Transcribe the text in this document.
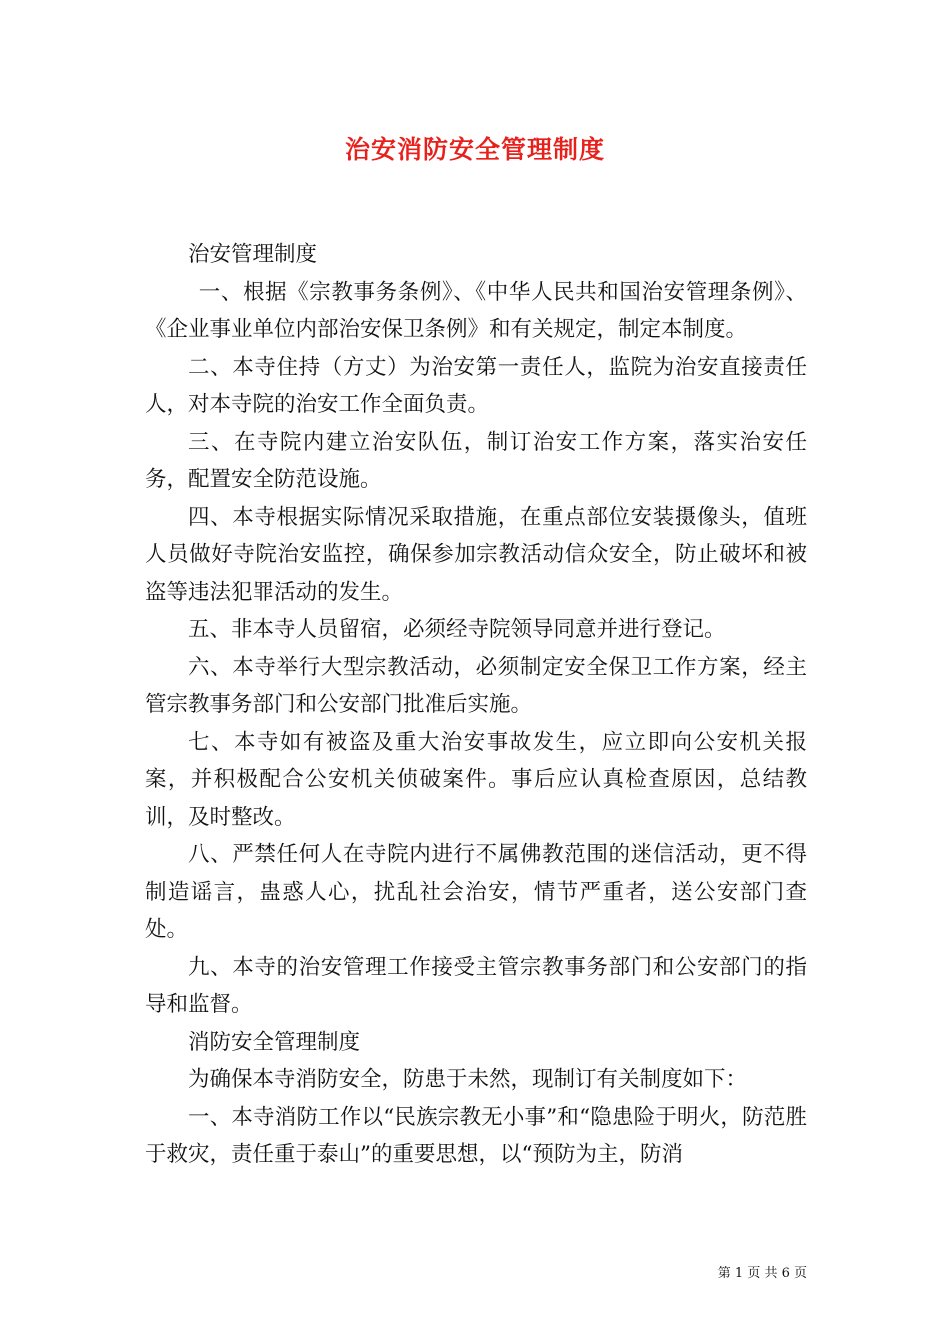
治安消防安全管理制度

治安管理制度

一、根据《宗教事务条例》、《中华人民共和国治安管理条例》、《企业事业单位内部治安保卫条例》和有关规定，制定本制度。

二、本寺住持（方丈）为治安第一责任人，监院为治安直接责任人，对本寺院的治安工作全面负责。

三、在寺院内建立治安队伍，制订治安工作方案，落实治安任务，配置安全防范设施。

四、本寺根据实际情况采取措施，在重点部位安装摄像头，值班人员做好寺院治安监控，确保参加宗教活动信众安全，防止破坏和被盗等违法犯罪活动的发生。

五、非本寺人员留宿，必须经寺院领导同意并进行登记。

六、本寺举行大型宗教活动，必须制定安全保卫工作方案，经主管宗教事务部门和公安部门批准后实施。

七、本寺如有被盗及重大治安事故发生，应立即向公安机关报案，并积极配合公安机关侦破案件。事后应认真检查原因，总结教训，及时整改。

八、严禁任何人在寺院内进行不属佛教范围的迷信活动，更不得制造谣言，蛊惑人心，扰乱社会治安，情节严重者，送公安部门查处。

九、本寺的治安管理工作接受主管宗教事务部门和公安部门的指导和监督。

消防安全管理制度

为确保本寺消防安全，防患于未然，现制订有关制度如下：

一、本寺消防工作以“民族宗教无小事”和“隐患险于明火，防范胜于救灾，责任重于泰山”的重要思想，以“预防为主，防消

第 1 页 共 6 页
